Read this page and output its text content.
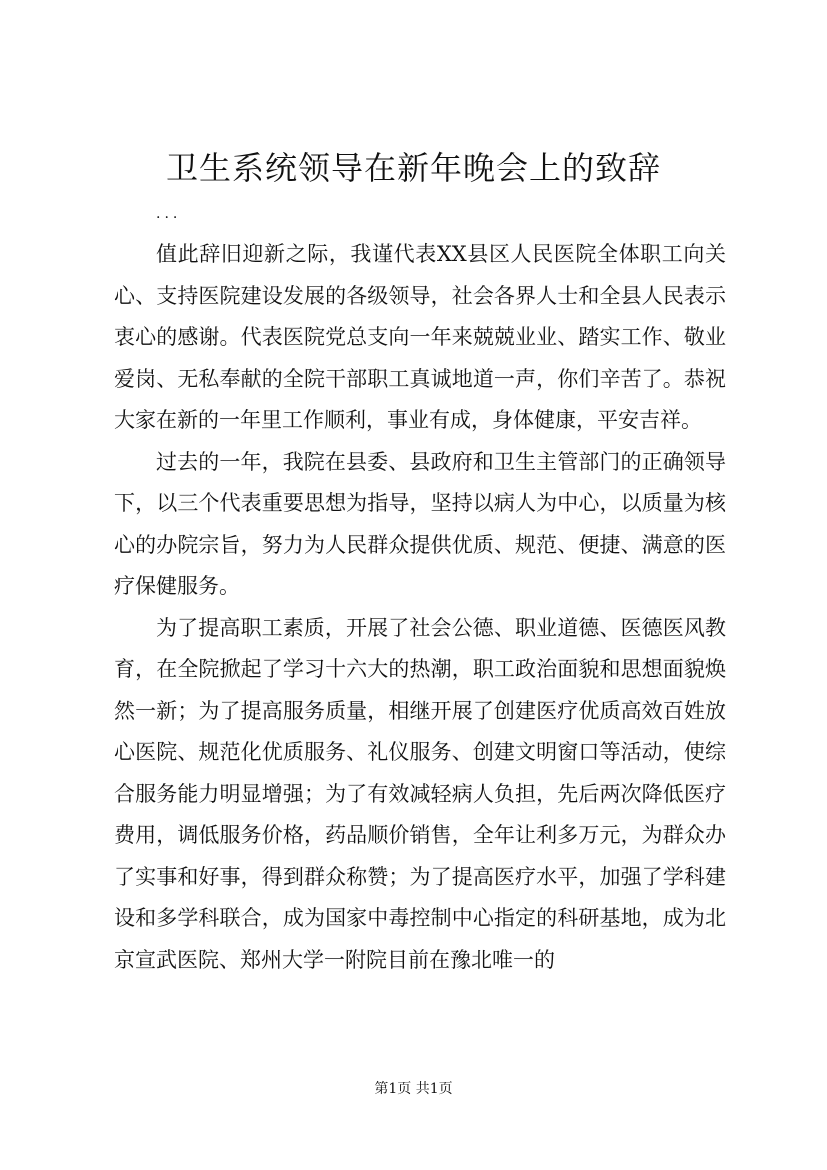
卫生系统领导在新年晚会上的致辞

...

值此辞旧迎新之际，我谨代表XX县区人民医院全体职工向关心、支持医院建设发展的各级领导，社会各界人士和全县人民表示衷心的感谢。代表医院党总支向一年来兢兢业业、踏实工作、敬业爱岗、无私奉献的全院干部职工真诚地道一声，你们辛苦了。恭祝大家在新的一年里工作顺利，事业有成，身体健康，平安吉祥。

过去的一年，我院在县委、县政府和卫生主管部门的正确领导下，以三个代表重要思想为指导，坚持以病人为中心，以质量为核心的办院宗旨，努力为人民群众提供优质、规范、便捷、满意的医疗保健服务。

为了提高职工素质，开展了社会公德、职业道德、医德医风教育，在全院掀起了学习十六大的热潮，职工政治面貌和思想面貌焕然一新；为了提高服务质量，相继开展了创建医疗优质高效百姓放心医院、规范化优质服务、礼仪服务、创建文明窗口等活动，使综合服务能力明显增强；为了有效减轻病人负担，先后两次降低医疗费用，调低服务价格，药品顺价销售，全年让利多万元，为群众办了实事和好事，得到群众称赞；为了提高医疗水平，加强了学科建设和多学科联合，成为国家中毒控制中心指定的科研基地，成为北京宣武医院、郑州大学一附院目前在豫北唯一的

第1页 共1页
